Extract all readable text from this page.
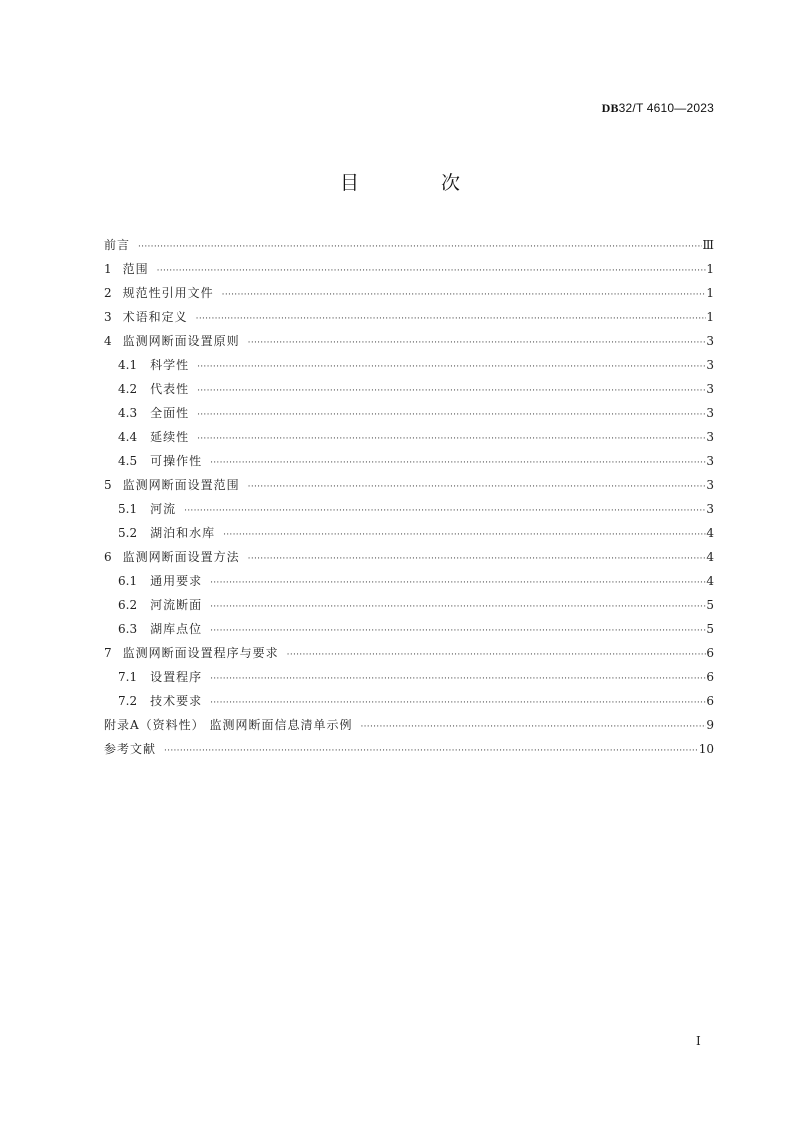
DB32/T 4610—2023
目 次
前言 ·····	Ⅲ
1 范围 ·····	1
2 规范性引用文件 ·····	1
3 术语和定义 ·····	1
4 监测网断面设置原则 ·····	3
4.1 科学性 ·····	3
4.2 代表性 ·····	3
4.3 全面性 ·····	3
4.4 延续性 ·····	3
4.5 可操作性 ·····	3
5 监测网断面设置范围 ·····	3
5.1 河流 ·····	3
5.2 湖泊和水库 ·····	4
6 监测网断面设置方法 ·····	4
6.1 通用要求 ·····	4
6.2 河流断面 ·····	5
6.3 湖库点位 ·····	5
7 监测网断面设置程序与要求 ·····	6
7.1 设置程序 ·····	6
7.2 技术要求 ·····	6
附录A（资料性） 监测网断面信息清单示例 ·····	9
参考文献 ·····	10
Ⅰ
